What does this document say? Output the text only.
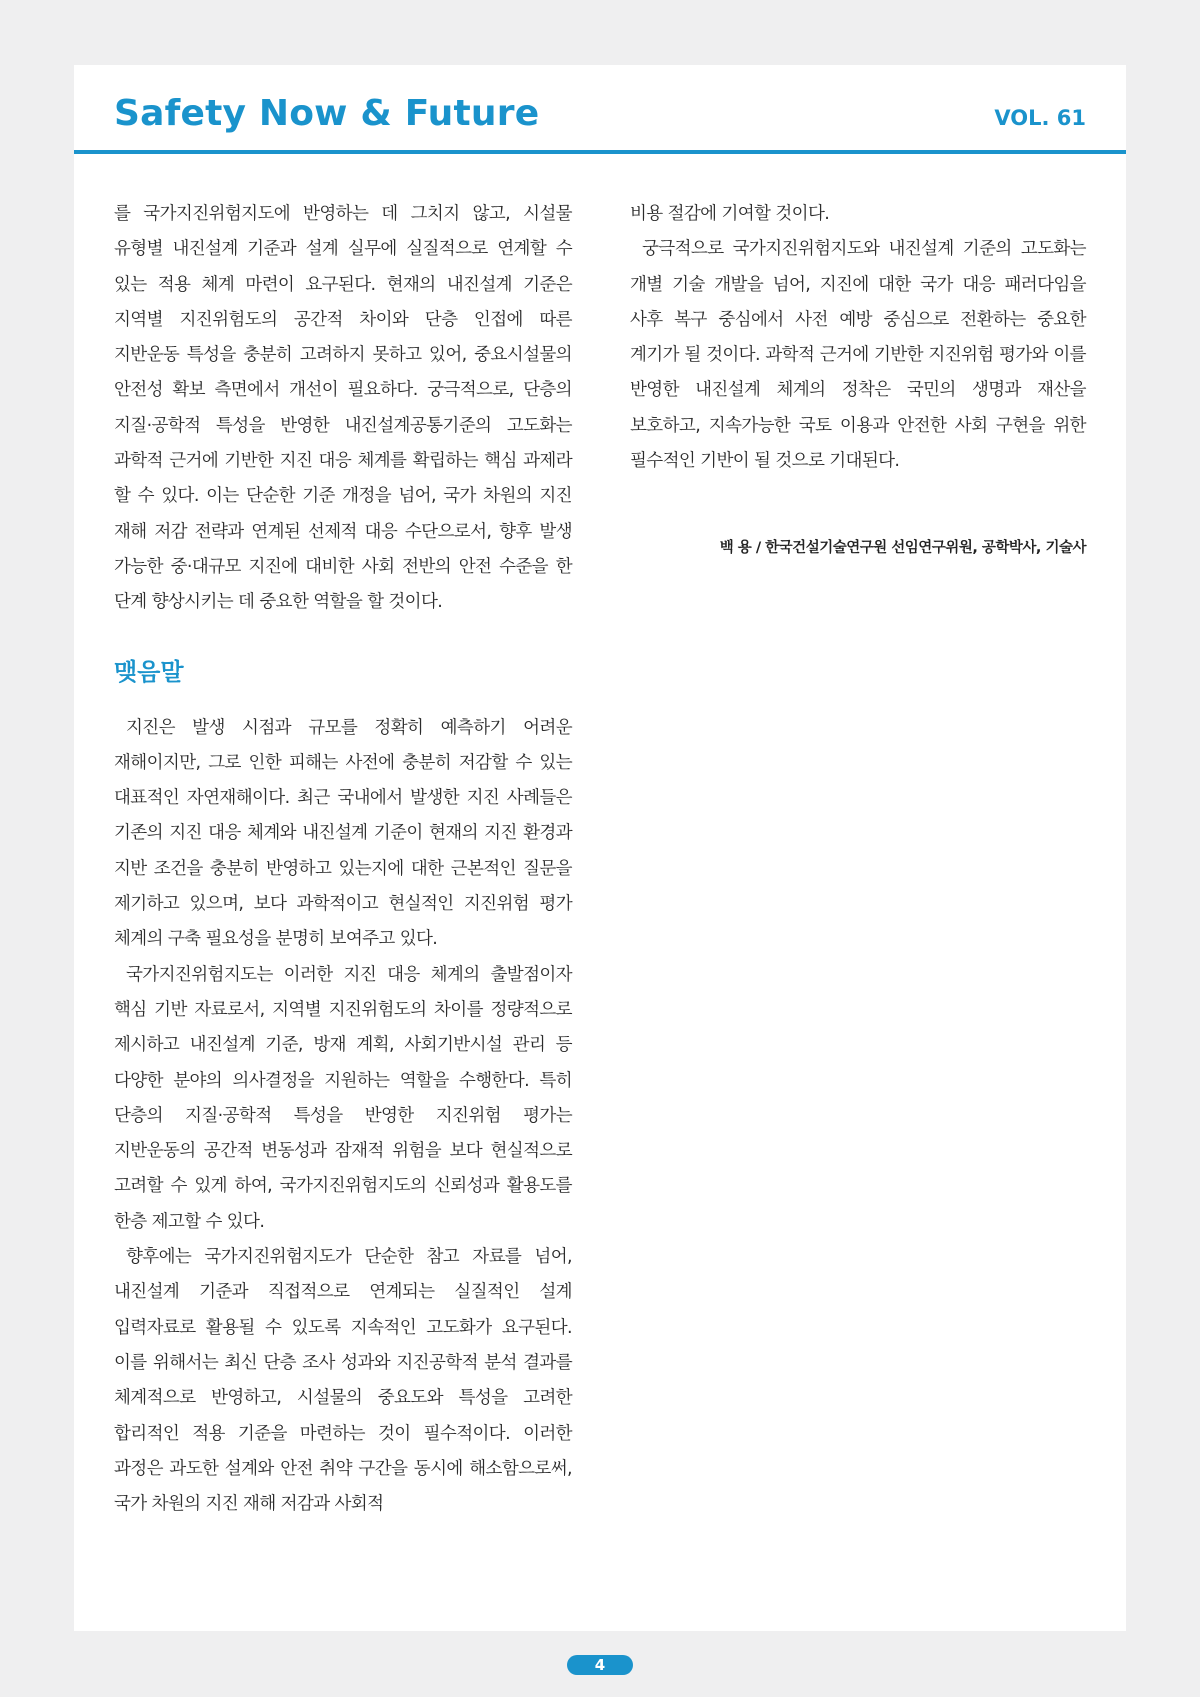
Safety Now & Future	VOL. 61

를 국가지진위험지도에 반영하는 데 그치지 않고, 시설물 유형별 내진설계 기준과 설계 실무에 실질적으로 연계할 수 있는 적용 체계 마련이 요구된다. 현재의 내진설계 기준은 지역별 지진위험도의 공간적 차이와 단층 인접에 따른 지반운동 특성을 충분히 고려하지 못하고 있어, 중요시설물의 안전성 확보 측면에서 개선이 필요하다. 궁극적으로, 단층의 지질·공학적 특성을 반영한 내진설계공통기준의 고도화는 과학적 근거에 기반한 지진 대응 체계를 확립하는 핵심 과제라 할 수 있다. 이는 단순한 기준 개정을 넘어, 국가 차원의 지진 재해 저감 전략과 연계된 선제적 대응 수단으로서, 향후 발생 가능한 중·대규모 지진에 대비한 사회 전반의 안전 수준을 한 단계 향상시키는 데 중요한 역할을 할 것이다.

맺음말

지진은 발생 시점과 규모를 정확히 예측하기 어려운 재해이지만, 그로 인한 피해는 사전에 충분히 저감할 수 있는 대표적인 자연재해이다. 최근 국내에서 발생한 지진 사례들은 기존의 지진 대응 체계와 내진설계 기준이 현재의 지진 환경과 지반 조건을 충분히 반영하고 있는지에 대한 근본적인 질문을 제기하고 있으며, 보다 과학적이고 현실적인 지진위험 평가 체계의 구축 필요성을 분명히 보여주고 있다.

국가지진위험지도는 이러한 지진 대응 체계의 출발점이자 핵심 기반 자료로서, 지역별 지진위험도의 차이를 정량적으로 제시하고 내진설계 기준, 방재 계획, 사회기반시설 관리 등 다양한 분야의 의사결정을 지원하는 역할을 수행한다. 특히 단층의 지질·공학적 특성을 반영한 지진위험 평가는 지반운동의 공간적 변동성과 잠재적 위험을 보다 현실적으로 고려할 수 있게 하여, 국가지진위험지도의 신뢰성과 활용도를 한층 제고할 수 있다.

향후에는 국가지진위험지도가 단순한 참고 자료를 넘어, 내진설계 기준과 직접적으로 연계되는 실질적인 설계 입력자료로 활용될 수 있도록 지속적인 고도화가 요구된다. 이를 위해서는 최신 단층 조사 성과와 지진공학적 분석 결과를 체계적으로 반영하고, 시설물의 중요도와 특성을 고려한 합리적인 적용 기준을 마련하는 것이 필수적이다. 이러한 과정은 과도한 설계와 안전 취약 구간을 동시에 해소함으로써, 국가 차원의 지진 재해 저감과 사회적

비용 절감에 기여할 것이다.

궁극적으로 국가지진위험지도와 내진설계 기준의 고도화는 개별 기술 개발을 넘어, 지진에 대한 국가 대응 패러다임을 사후 복구 중심에서 사전 예방 중심으로 전환하는 중요한 계기가 될 것이다. 과학적 근거에 기반한 지진위험 평가와 이를 반영한 내진설계 체계의 정착은 국민의 생명과 재산을 보호하고, 지속가능한 국토 이용과 안전한 사회 구현을 위한 필수적인 기반이 될 것으로 기대된다.

백 용 / 한국건설기술연구원 선임연구위원, 공학박사, 기술사
4
